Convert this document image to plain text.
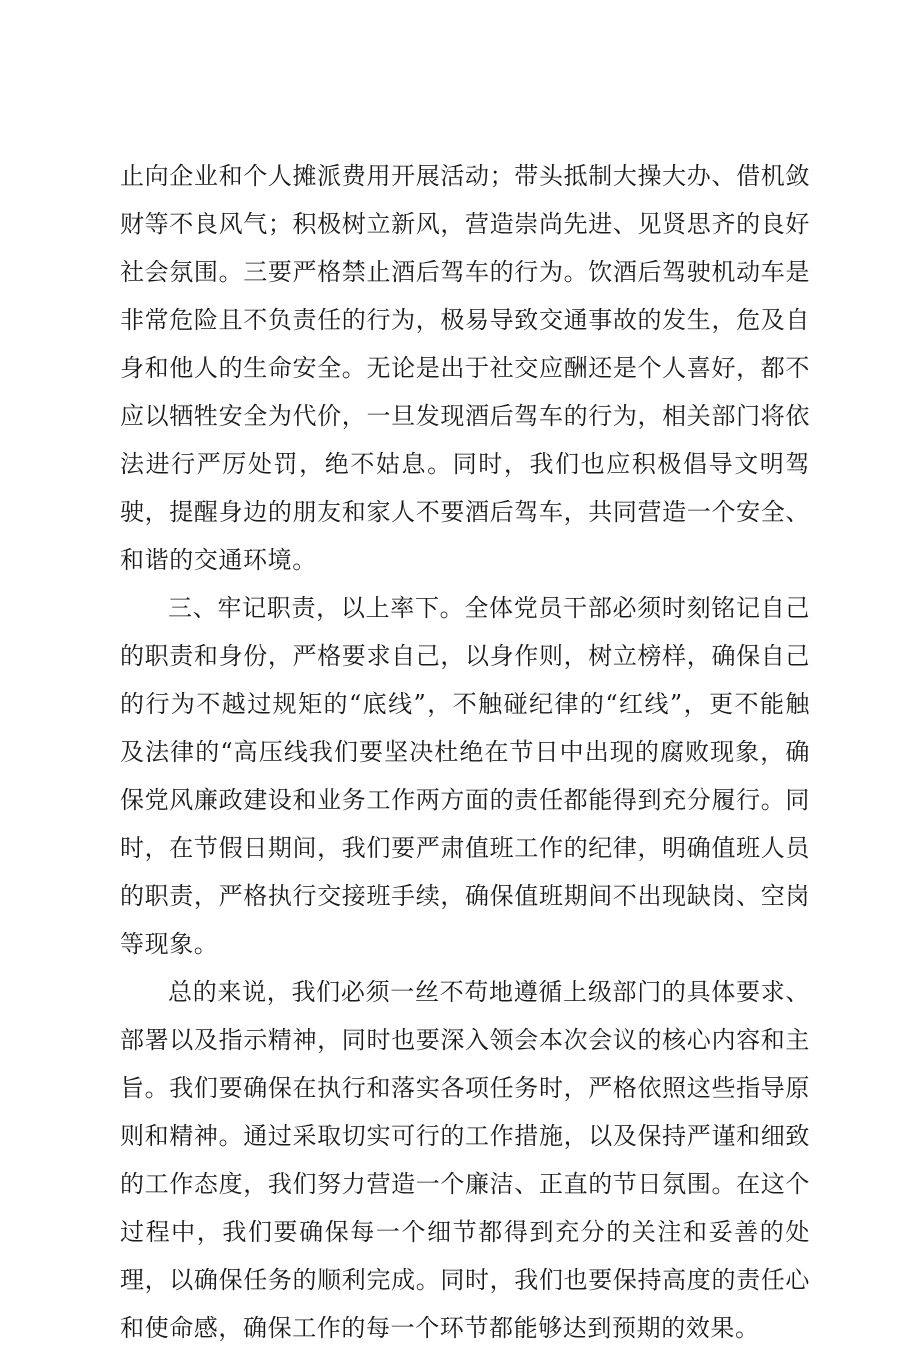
止向企业和个人摊派费用开展活动；带头抵制大操大办、借机敛财等不良风气；积极树立新风，营造崇尚先进、见贤思齐的良好社会氛围。三要严格禁止酒后驾车的行为。饮酒后驾驶机动车是非常危险且不负责任的行为，极易导致交通事故的发生，危及自身和他人的生命安全。无论是出于社交应酬还是个人喜好，都不应以牺牲安全为代价，一旦发现酒后驾车的行为，相关部门将依法进行严厉处罚，绝不姑息。同时，我们也应积极倡导文明驾驶，提醒身边的朋友和家人不要酒后驾车，共同营造一个安全、和谐的交通环境。

三、牢记职责，以上率下。全体党员干部必须时刻铭记自己的职责和身份，严格要求自己，以身作则，树立榜样，确保自己的行为不越过规矩的“底线”，不触碰纪律的“红线”，更不能触及法律的“高压线我们要坚决杜绝在节日中出现的腐败现象，确保党风廉政建设和业务工作两方面的责任都能得到充分履行。同时，在节假日期间，我们要严肃值班工作的纪律，明确值班人员的职责，严格执行交接班手续，确保值班期间不出现缺岗、空岗等现象。

总的来说，我们必须一丝不苟地遵循上级部门的具体要求、部署以及指示精神，同时也要深入领会本次会议的核心内容和主旨。我们要确保在执行和落实各项任务时，严格依照这些指导原则和精神。通过采取切实可行的工作措施，以及保持严谨和细致的工作态度，我们努力营造一个廉洁、正直的节日氛围。在这个过程中，我们要确保每一个细节都得到充分的关注和妥善的处理，以确保任务的顺利完成。同时，我们也要保持高度的责任心和使命感，确保工作的每一个环节都能够达到预期的效果。
